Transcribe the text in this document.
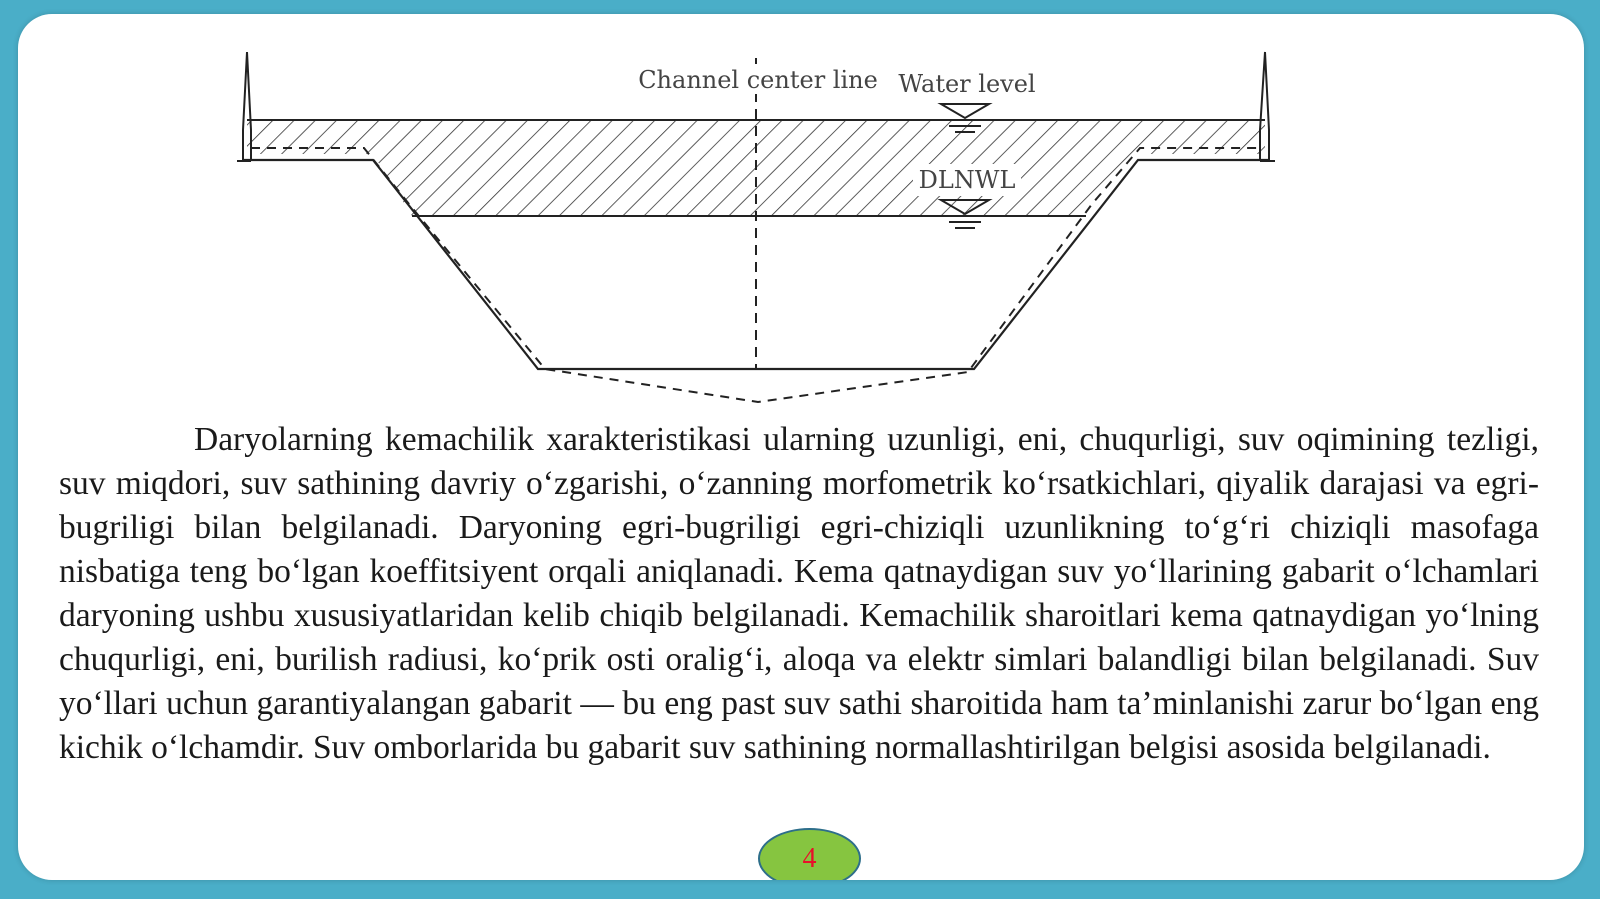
Channel center line Water level
DLNWL

Daryolarning kemachilik xarakteristikasi ularning uzunligi, eni, chuqurligi, suv oqimining tezligi, suv miqdori, suv sathining davriy oʻzgarishi, oʻzanning morfometrik koʻrsatkichlari, qiyalik darajasi va egri-bugriligi bilan belgilanadi. Daryoning egri-bugriligi egri-chiziqli uzunlikning toʻgʻri chiziqli masofaga nisbatiga teng boʻlgan koeffitsiyent orqali aniqlanadi. Kema qatnaydigan suv yoʻllarining gabarit oʻlchamlari daryoning ushbu xususiyatlaridan kelib chiqib belgilanadi. Kemachilik sharoitlari kema qatnaydigan yoʻlning chuqurligi, eni, burilish radiusi, koʻprik osti oraligʻi, aloqa va elektr simlari balandligi bilan belgilanadi. Suv yoʻllari uchun garantiyalangan gabarit — bu eng past suv sathi sharoitida ham ta’minlanishi zarur boʻlgan eng kichik oʻlchamdir. Suv omborlarida bu gabarit suv sathining normallashtirilgan belgisi asosida belgilanadi.

4
